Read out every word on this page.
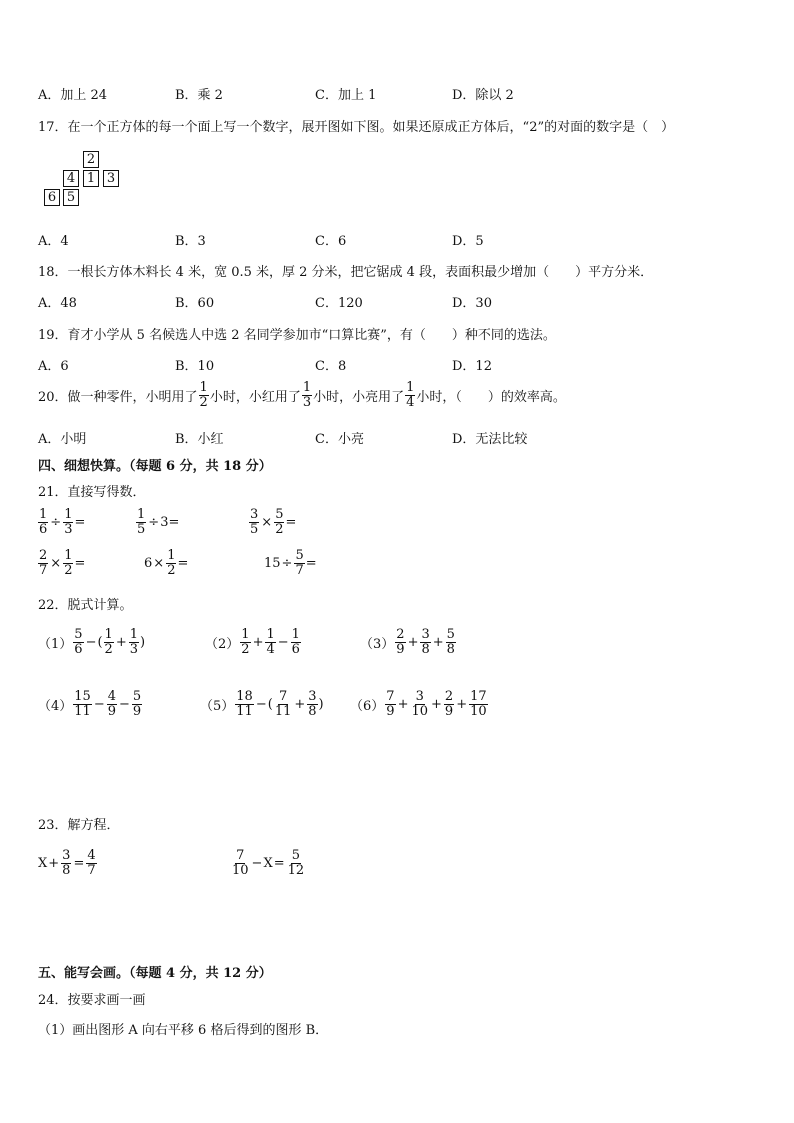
A．加上 24	B．乘 2	C．加上 1	D．除以 2
17．在一个正方体的每一个面上写一个数字，展开图如下图。如果还原成正方体后，“2”的对面的数字是（　）
2
4 1 3
6 5
A．4	B．3	C．6	D．5
18．一根长方体木料长 4 米，宽 0.5 米，厚 2 分米，把它锯成 4 段，表面积最少增加（　　）平方分米．
A．48	B．60	C．120	D．30
19．育才小学从 5 名候选人中选 2 名同学参加市“口算比赛”，有（　　）种不同的选法。
A．6	B．10	C．8	D．12
20．做一种零件，小明用了 $\frac{1}{2}$ 小时，小红用了 $\frac{1}{3}$ 小时，小亮用了 $\frac{1}{4}$ 小时，（　　）的效率高。
A．小明	B．小红	C．小亮	D．无法比较
四、细想快算。（每题 6 分，共 18 分）
21．直接写得数．
$\frac{1}{6} \div \frac{1}{3}$ =	$\frac{1}{5} \div 3$ =	$\frac{3}{5} \times \frac{5}{2}$ =
$\frac{2}{7} \times \frac{1}{2}$ =	$6 \times \frac{1}{2}$ =	$15 \div \frac{5}{7}$ =
22．脱式计算。
$(1) \frac{5}{6}$ − ( $\frac{1}{2} + \frac{1}{3}$ )	$(2) \frac{1}{2} + \frac{1}{4} - \frac{1}{6}$	$(3) \frac{2}{9} + \frac{3}{8} + \frac{5}{8}$
$(4) \frac{15}{11} - \frac{4}{9} - \frac{5}{9}$	$(5) \frac{18}{11}$ − ( $\frac{7}{11} + \frac{3}{8}$ ) $(6) \frac{7}{9} + \frac{3}{10} + \frac{2}{9} + \frac{17}{10}$
23．解方程．
$X + \frac{3}{8} = \frac{4}{7}$	$\frac{7}{10} - X = \frac{5}{12}$
五、能写会画。（每题 4 分，共 12 分）
24．按要求画一画
（1）画出图形 A 向右平移 6 格后得到的图形 B．
